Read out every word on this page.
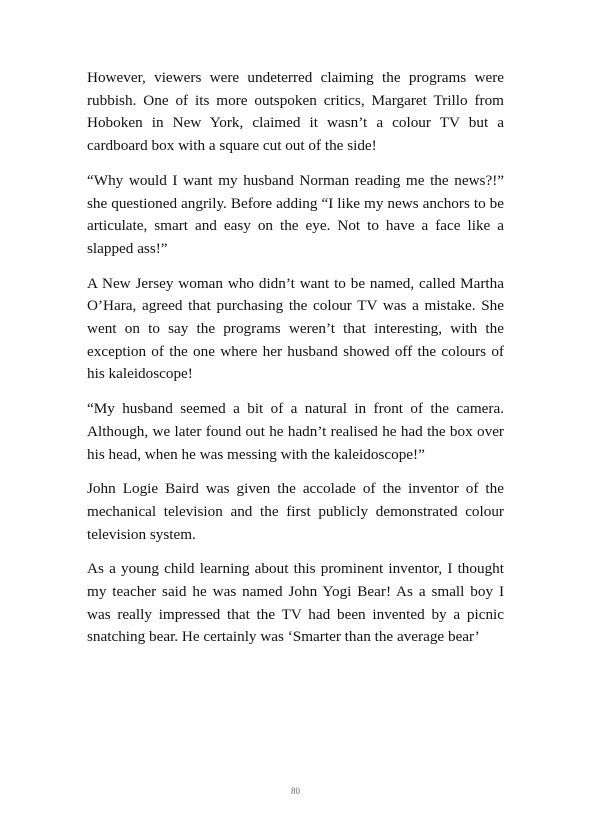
However, viewers were undeterred claiming the programs were rubbish. One of its more outspoken critics, Margaret Trillo from Hoboken in New York, claimed it wasn’t a colour TV but a cardboard box with a square cut out of the side!

“Why would I want my husband Norman reading me the news?!” she questioned angrily. Before adding “I like my news anchors to be articulate, smart and easy on the eye. Not to have a face like a slapped ass!”

A New Jersey woman who didn’t want to be named, called Martha O’Hara, agreed that purchasing the colour TV was a mistake. She went on to say the programs weren’t that interesting, with the exception of the one where her husband showed off the colours of his kaleidoscope!

“My husband seemed a bit of a natural in front of the camera. Although, we later found out he hadn’t realised he had the box over his head, when he was messing with the kaleidoscope!”

John Logie Baird was given the accolade of the inventor of the mechanical television and the first publicly demonstrated colour television system.

As a young child learning about this prominent inventor, I thought my teacher said he was named John Yogi Bear! As a small boy I was really impressed that the TV had been invented by a picnic snatching bear. He certainly was ‘Smarter than the average bear’

80
